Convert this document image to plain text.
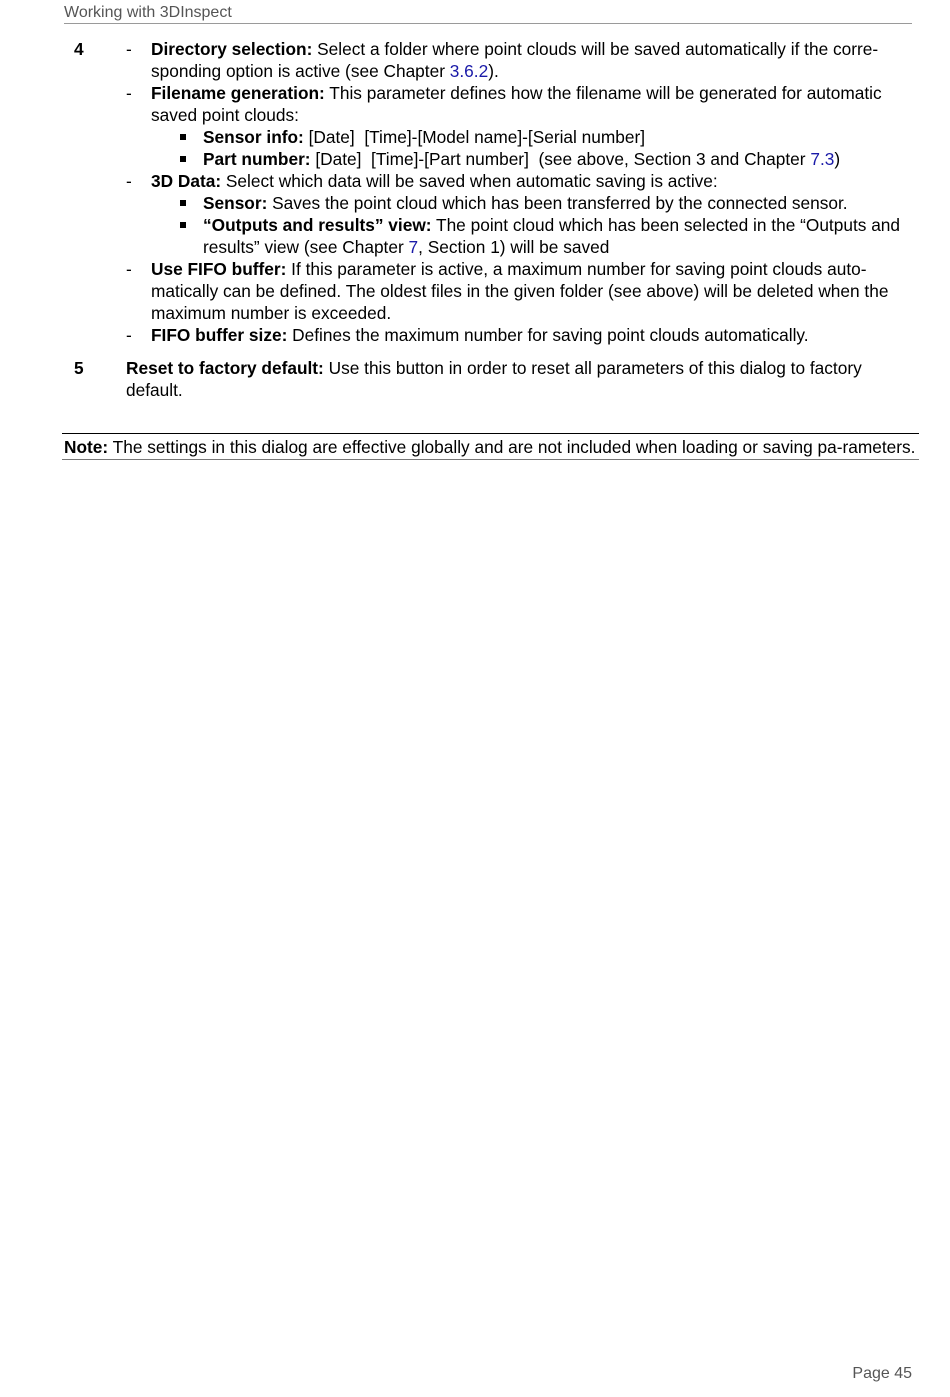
Working with 3DInspect
4 - Directory selection: Select a folder where point clouds will be saved automatically if the corre-sponding option is active (see Chapter 3.6.2).
- Filename generation: This parameter defines how the filename will be generated for automatic saved point clouds:
Sensor info: [Date]  [Time]-[Model name]-[Serial number]
Part number: [Date]  [Time]-[Part number]  (see above, Section 3 and Chapter 7.3)
- 3D Data: Select which data will be saved when automatic saving is active:
Sensor: Saves the point cloud which has been transferred by the connected sensor.
“Outputs and results” view: The point cloud which has been selected in the “Outputs and results” view (see Chapter 7, Section 1) will be saved
- Use FIFO buffer: If this parameter is active, a maximum number for saving point clouds auto-matically can be defined. The oldest files in the given folder (see above) will be deleted when the maximum number is exceeded.
- FIFO buffer size: Defines the maximum number for saving point clouds automatically.
5 Reset to factory default: Use this button in order to reset all parameters of this dialog to factory default.
Note: The settings in this dialog are effective globally and are not included when loading or saving pa-rameters.
Page 45
